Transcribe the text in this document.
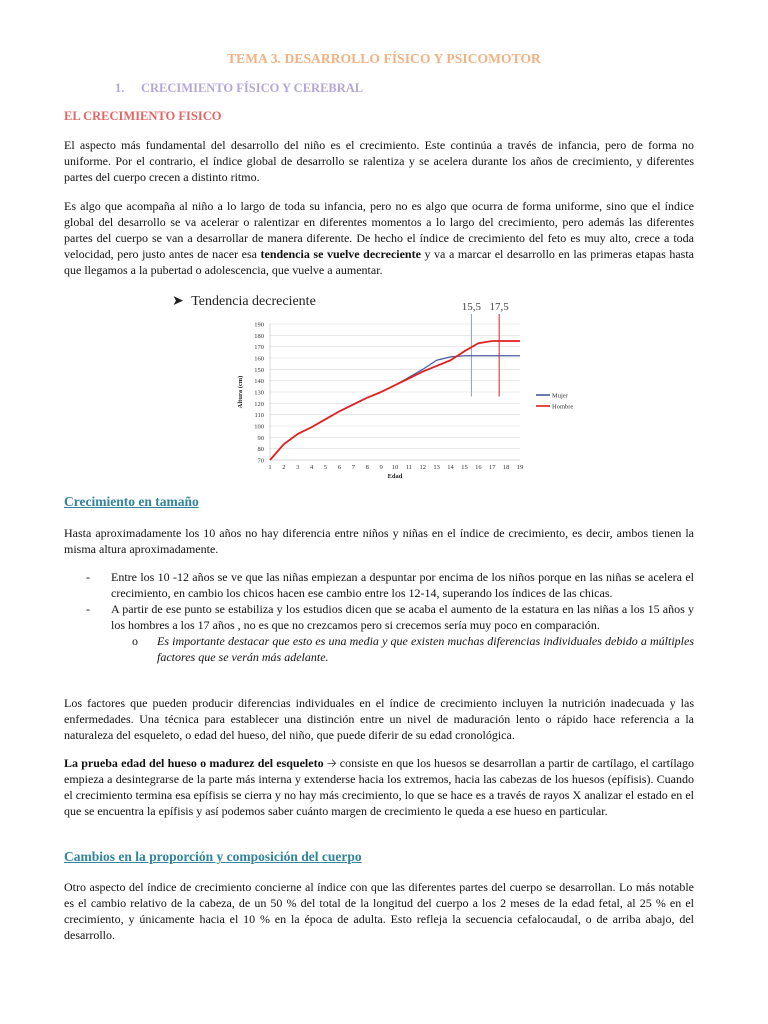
TEMA 3. DESARROLLO FÍSICO Y PSICOMOTOR
1. CRECIMIENTO FÍSICO Y CEREBRAL
EL CRECIMIENTO FISICO

El aspecto más fundamental del desarrollo del niño es el crecimiento. Este continúa a través de infancia, pero de forma no uniforme. Por el contrario, el índice global de desarrollo se ralentiza y se acelera durante los años de crecimiento, y diferentes partes del cuerpo crecen a distinto ritmo.

Es algo que acompaña al niño a lo largo de toda su infancia, pero no es algo que ocurra de forma uniforme, sino que el índice global del desarrollo se va acelerar o ralentizar en diferentes momentos a lo largo del crecimiento, pero además las diferentes partes del cuerpo se van a desarrollar de manera diferente. De hecho el índice de crecimiento del feto es muy alto, crece a toda velocidad, pero justo antes de nacer esa tendencia se vuelve decreciente y va a marcar el desarrollo en las primeras etapas hasta que llegamos a la pubertad o adolescencia, que vuelve a aumentar.

➤ Tendencia decreciente
70
80
90
100
110
120
130
140
150
160
170
180
190
Altura (cm)
1 2 3 4 5 6 7 8 9 10 11 12 13 14 15 16 17 18 19
Edad
15,5 17,5
Mujer
Hombre
Crecimiento en tamaño

Hasta aproximadamente los 10 años no hay diferencia entre niños y niñas en el índice de crecimiento, es decir, ambos tienen la misma altura aproximadamente.

- Entre los 10 -12 años se ve que las niñas empiezan a despuntar por encima de los niños porque en las niñas se acelera el crecimiento, en cambio los chicos hacen ese cambio entre los 12-14, superando los índices de las chicas.
- A partir de ese punto se estabiliza y los estudios dicen que se acaba el aumento de la estatura en las niñas a los 15 años y los hombres a los 17 años , no es que no crezcamos pero si crecemos sería muy poco en comparación.
o Es importante destacar que esto es una media y que existen muchas diferencias individuales debido a múltiples factores que se verán más adelante.

Los factores que pueden producir diferencias individuales en el índice de crecimiento incluyen la nutrición inadecuada y las enfermedades. Una técnica para establecer una distinción entre un nivel de maduración lento o rápido hace referencia a la naturaleza del esqueleto, o edad del hueso, del niño, que puede diferir de su edad cronológica.

La prueba edad del hueso o madurez del esqueleto 🡢 consiste en que los huesos se desarrollan a partir de cartílago, el cartílago empieza a desintegrarse de la parte más interna y extenderse hacia los extremos, hacia las cabezas de los huesos (epífisis). Cuando el crecimiento termina esa epífisis se cierra y no hay más crecimiento, lo que se hace es a través de rayos X analizar el estado en el que se encuentra la epífisis y así podemos saber cuánto margen de crecimiento le queda a ese hueso en particular.

Cambios en la proporción y composición del cuerpo

Otro aspecto del índice de crecimiento concierne al índice con que las diferentes partes del cuerpo se desarrollan. Lo más notable es el cambio relativo de la cabeza, de un 50 % del total de la longitud del cuerpo a los 2 meses de la edad fetal, al 25 % en el crecimiento, y únicamente hacia el 10 % en la época de adulta. Esto refleja la secuencia cefalocaudal, o de arriba abajo, del desarrollo.
